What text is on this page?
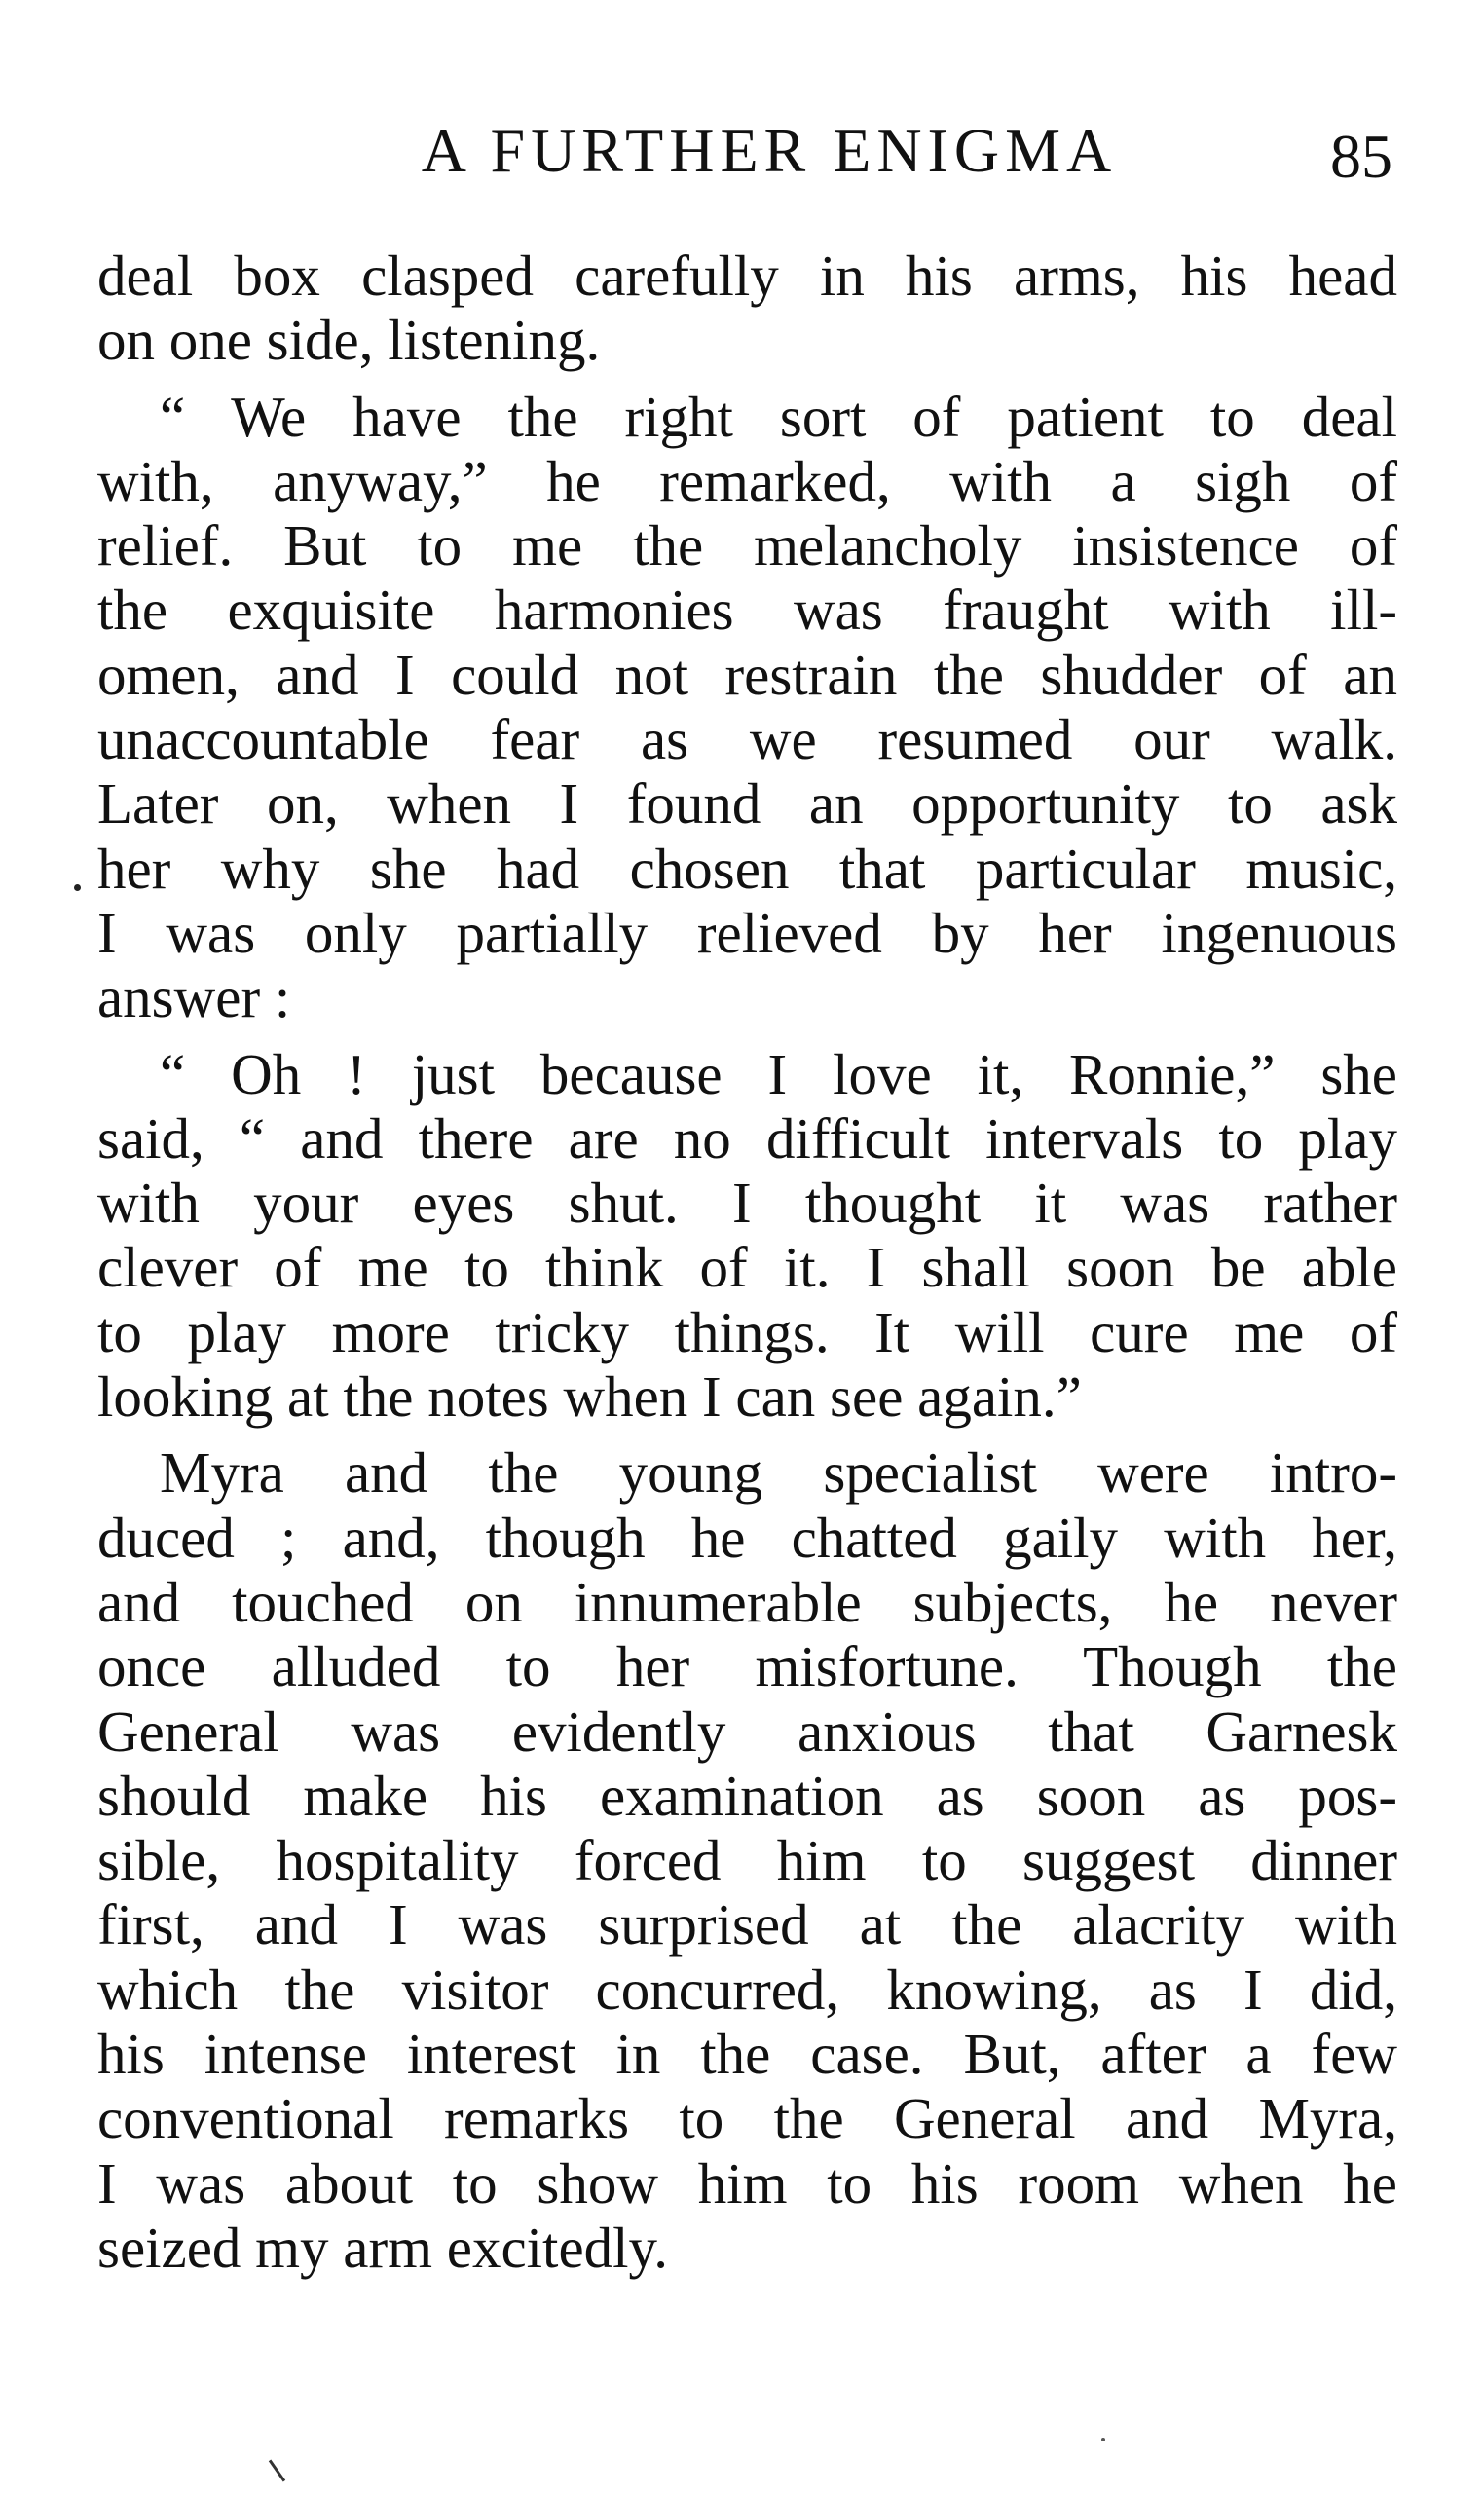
A FURTHER ENIGMA	85

deal box clasped carefully in his arms, his head
on one side, listening.

“ We have the right sort of patient to deal
with, anyway,” he remarked, with a sigh of
relief. But to me the melancholy insistence of
the exquisite harmonies was fraught with ill-
omen, and I could not restrain the shudder of an
unaccountable fear as we resumed our walk.
Later on, when I found an opportunity to ask
her why she had chosen that particular music,
I was only partially relieved by her ingenuous
answer :

“ Oh ! just because I love it, Ronnie,” she
said, “ and there are no difficult intervals to play
with your eyes shut. I thought it was rather
clever of me to think of it. I shall soon be able
to play more tricky things. It will cure me of
looking at the notes when I can see again.”

Myra and the young specialist were intro-
duced ; and, though he chatted gaily with her,
and touched on innumerable subjects, he never
once alluded to her misfortune. Though the
General was evidently anxious that Garnesk
should make his examination as soon as pos-
sible, hospitality forced him to suggest dinner
first, and I was surprised at the alacrity with
which the visitor concurred, knowing, as I did,
his intense interest in the case. But, after a few
conventional remarks to the General and Myra,
I was about to show him to his room when he
seized my arm excitedly.
